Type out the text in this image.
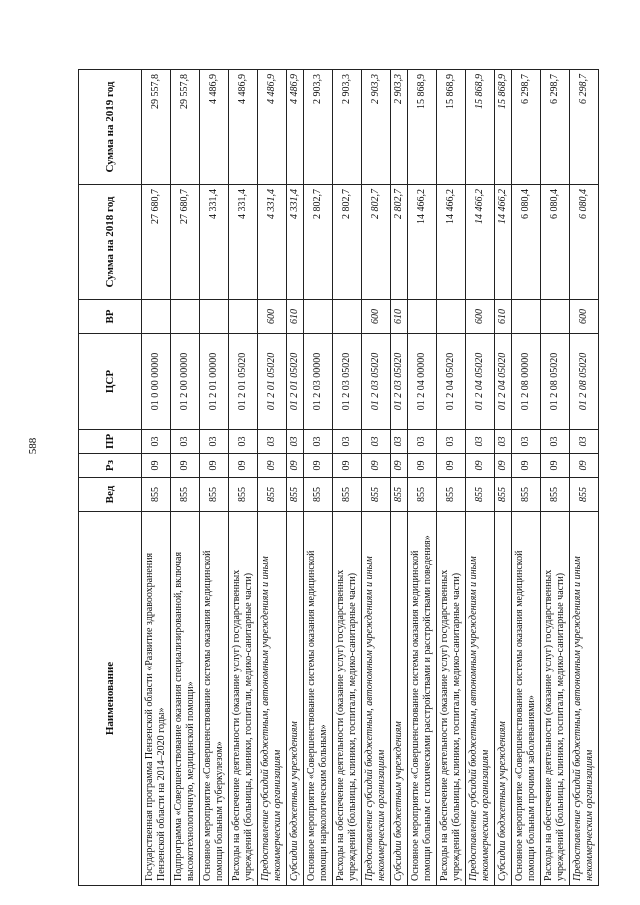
588
Наименование	Вед	Рз	ПР	ЦСР	ВР	Сумма на 2018 год	Сумма на 2019 год
Государственная программа Пензенской области «Развитие здравоохранения Пензенской области на 2014–2020 годы»	855	09	03	01 0 00 00000		27 680,7	29 557,8
Подпрограмма «Совершенствование оказания специализированной, включая высокотехнологичную, медицинской помощи»	855	09	03	01 2 00 00000		27 680,7	29 557,8
Основное мероприятие «Совершенствование системы оказания медицинской помощи больным туберкулезом»	855	09	03	01 2 01 00000		4 331,4	4 486,9
Расходы на обеспечение деятельности (оказание услуг) государственных учреждений (больницы, клиники, госпитали, медико-санитарные части)	855	09	03	01 2 01 05020		4 331,4	4 486,9
Предоставление субсидий бюджетным, автономным учреждениям и иным некоммерческим организациям	855	09	03	01 2 01 05020	600	4 331,4	4 486,9
Субсидии бюджетным учреждениям	855	09	03	01 2 01 05020	610	4 331,4	4 486,9
Основное мероприятие «Совершенствование системы оказания медицинской помощи наркологическим больным»	855	09	03	01 2 03 00000		2 802,7	2 903,3
Расходы на обеспечение деятельности (оказание услуг) государственных учреждений (больницы, клиники, госпитали, медико-санитарные части)	855	09	03	01 2 03 05020		2 802,7	2 903,3
Предоставление субсидий бюджетным, автономным учреждениям и иным некоммерческим организациям	855	09	03	01 2 03 05020	600	2 802,7	2 903,3
Субсидии бюджетным учреждениям	855	09	03	01 2 03 05020	610	2 802,7	2 903,3
Основное мероприятие «Совершенствование системы оказания медицинской помощи больным с психическими расстройствами и расстройствами поведения»	855	09	03	01 2 04 00000		14 466,2	15 868,9
Расходы на обеспечение деятельности (оказание услуг) государственных учреждений (больницы, клиники, госпитали, медико-санитарные части)	855	09	03	01 2 04 05020		14 466,2	15 868,9
Предоставление субсидий бюджетным, автономным учреждениям и иным некоммерческим организациям	855	09	03	01 2 04 05020	600	14 466,2	15 868,9
Субсидии бюджетным учреждениям	855	09	03	01 2 04 05020	610	14 466,2	15 868,9
Основное мероприятие «Совершенствование системы оказания медицинской помощи больным прочими заболеваниями»	855	09	03	01 2 08 00000		6 080,4	6 298,7
Расходы на обеспечение деятельности (оказание услуг) государственных учреждений (больницы, клиники, госпитали, медико-санитарные части)	855	09	03	01 2 08 05020		6 080,4	6 298,7
Предоставление субсидий бюджетным, автономным учреждениям и иным некоммерческим организациям	855	09	03	01 2 08 05020	600	6 080,4	6 298,7
